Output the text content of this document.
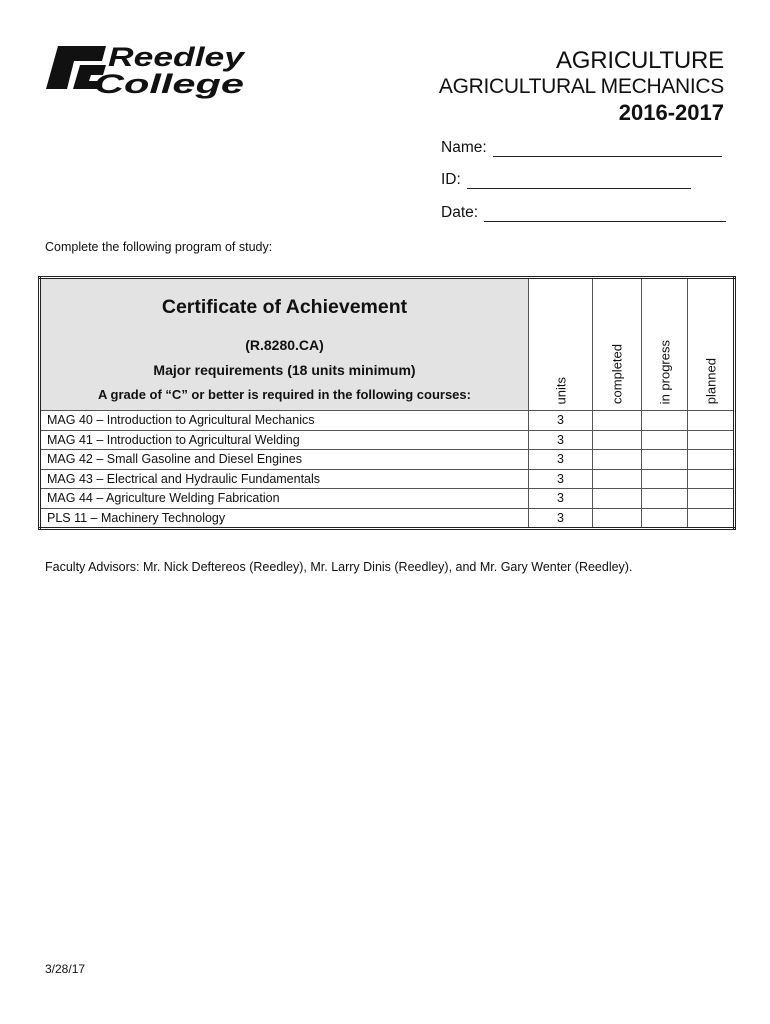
Reedley
College
AGRICULTURE
AGRICULTURAL MECHANICS
2016-2017
Name:
ID:
Date:
Complete the following program of study:
Certificate of Achievement
(R.8280.CA)
Major requirements (18 units minimum)
A grade of “C” or better is required in the following courses:	units	completed	in progress	planned

MAG 40 – Introduction to Agricultural Mechanics	3			
MAG 41 – Introduction to Agricultural Welding	3			
MAG 42 – Small Gasoline and Diesel Engines	3			
MAG 43 – Electrical and Hydraulic Fundamentals	3			
MAG 44 – Agriculture Welding Fabrication	3			
PLS 11 – Machinery Technology	3			
Faculty Advisors: Mr. Nick Deftereos (Reedley), Mr. Larry Dinis (Reedley), and Mr. Gary Wenter (Reedley).
3/28/17
